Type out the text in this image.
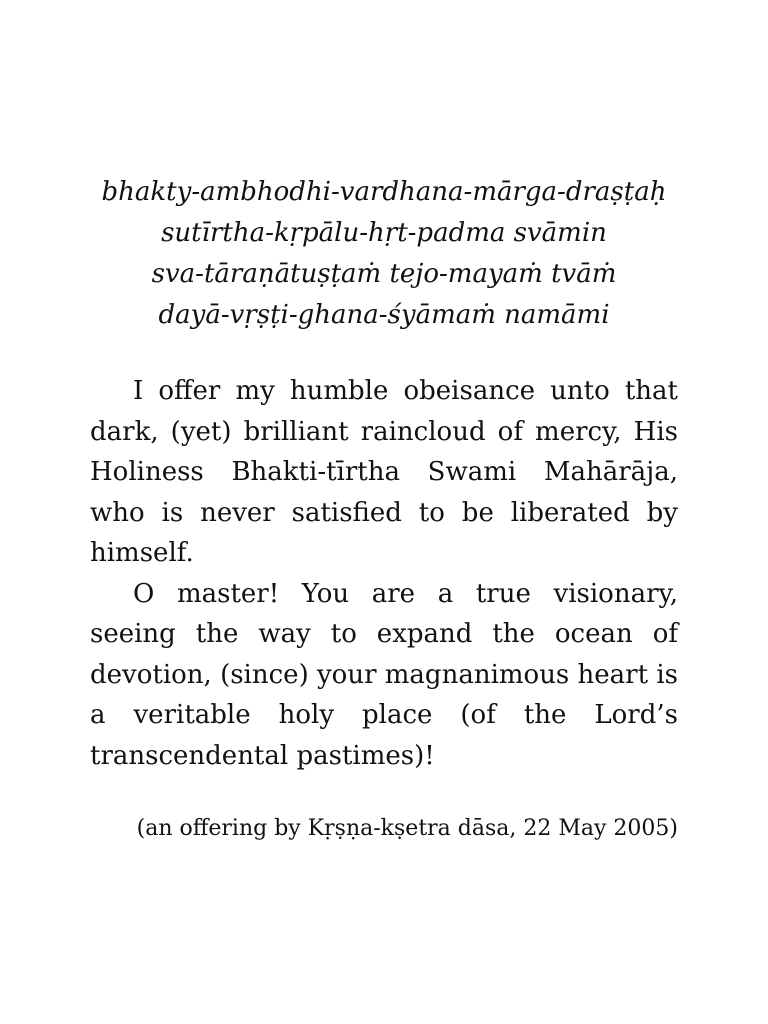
bhakty-ambhodhi-vardhana-mārga-draṣṭaḥ
sutīrtha-kṛpālu-hṛt-padma svāmin
sva-tāraṇātuṣṭaṁ tejo-mayaṁ tvāṁ
dayā-vṛṣṭi-ghana-śyāmaṁ namāmi

I offer my humble obeisance unto that dark, (yet) brilliant raincloud of mercy, His Holiness Bhakti-tīrtha Swami Mahārāja, who is never satisfied to be liberated by himself.

O master! You are a true visionary, seeing the way to expand the ocean of devotion, (since) your magnanimous heart is a veritable holy place (of the Lord’s transcendental pastimes)!

(an offering by Kṛṣṇa-kṣetra dāsa, 22 May 2005)
